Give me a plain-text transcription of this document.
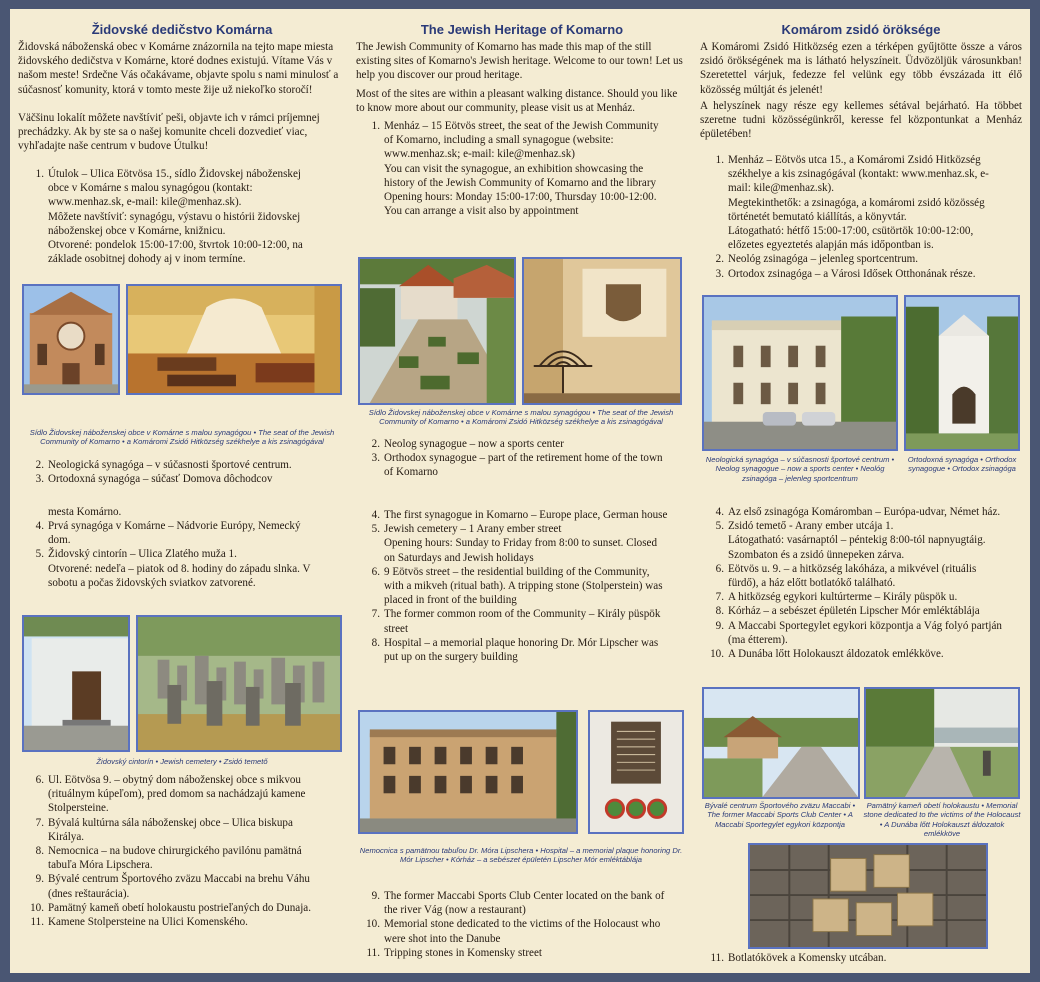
Židovské dedičstvo Komárna

Židovská náboženská obec v Komárne znázornila na tejto mape miesta židovského dedičstva v Komárne, ktoré dodnes existujú. Vítame Vás v našom meste! Srdečne Vás očakávame, objavte spolu s nami minulosť a súčasnosť komunity, ktorá v tomto meste žije už niekoľko storočí!

Väčšinu lokalít môžete navštíviť peši, objavte ich v rámci príjemnej prechádzky. Ak by ste sa o našej komunite chceli dozvedieť viac, vyhľadajte naše centrum v budove Útulku!

1. Útulok – Ulica Eötvösa 15., sídlo Židovskej náboženskej obce v Komárne s malou synagógou (kontakt: www.menhaz.sk, e-mail: kile@menhaz.sk).
Môžete navštíviť: synagógu, výstavu o histórii židovskej náboženskej obce v Komárne, knižnicu.
Otvorené: pondelok 15:00-17:00, štvrtok 10:00-12:00, na základe osobitnej dohody aj v inom termíne.

Sídlo Židovskej náboženskej obce v Komárne s malou synagógou • The seat of the Jewish Community of Komarno • a Komáromi Zsidó Hitközség székhelye a kis zsinagógával

2. Neologická synagóga – v súčasnosti športové centrum.
3. Ortodoxná synagóga – súčasť Domova dôchodcov

mesta Komárno.

4. Prvá synagóga v Komárne – Nádvorie Európy, Nemecký dom.
5. Židovský cintorín – Ulica Zlatého muža 1.
Otvorené: nedeľa – piatok od 8. hodiny do západu slnka. V sobotu a počas židovských sviatkov zatvorené.

Židovský cintorín • Jewish cemetery • Zsidó temető

6. Ul. Eötvösa 9. – obytný dom náboženskej obce s mikvou (rituálnym kúpeľom), pred domom sa nachádzajú kamene Stolpersteine.
7. Bývalá kultúrna sála náboženskej obce – Ulica biskupa Királya.
8. Nemocnica – na budove chirurgického pavilónu pamätná tabuľa Móra Lipschera.
9. Bývalé centrum Športového zväzu Maccabi na brehu Váhu (dnes reštaurácia).
10. Pamätný kameň obetí holokaustu postrieľaných do Dunaja.
11. Kamene Stolpersteine na Ulici Komenského.
The Jewish Heritage of Komarno

The Jewish Community of Komarno has made this map of the still existing sites of Komarno's Jewish heritage. Welcome to our town! Let us help you discover our proud heritage.

Most of the sites are within a pleasant walking distance. Should you like to know more about our community, please visit us at Menház.

1. Menház – 15 Eötvös street, the seat of the Jewish Community of Komarno, including a small synagogue (website: www.menhaz.sk; e-mail: kile@menhaz.sk)
You can visit the synagogue, an exhibition showcasing the history of the Jewish Community of Komarno and the library
Opening hours: Monday 15:00-17:00, Thursday 10:00-12:00.
You can arrange a visit also by appointment

Sídlo Židovskej náboženskej obce v Komárne s malou synagógou • The seat of the Jewish Community of Komarno • a Komáromi Zsidó Hitközség székhelye a kis zsinagógával

2. Neolog synagogue – now a sports center
3. Orthodox synagogue – part of the retirement home of the town of Komarno
4. The first synagogue in Komarno – Europe place, German house
5. Jewish cemetery – 1 Arany ember street
Opening hours: Sunday to Friday from 8:00 to sunset. Closed on Saturdays and Jewish holidays
6. 9 Eötvös street – the residential building of the Community, with a mikveh (ritual bath). A tripping stone (Stolperstein) was placed in front of the building
7. The former common room of the Community – Király püspök street
8. Hospital – a memorial plaque honoring Dr. Mór Lipscher was put up on the surgery building

Nemocnica s pamätnou tabuľou Dr. Móra Lipschera • Hospital – a memorial plaque honoring Dr. Mór Lipscher • Kórház – a sebészet épületén Lipscher Mór emléktáblája

9. The former Maccabi Sports Club Center located on the bank of the river Vág (now a restaurant)
10. Memorial stone dedicated to the victims of the Holocaust who were shot into the Danube
11. Tripping stones in Komensky street
Komárom zsidó öröksége

A Komáromi Zsidó Hitközség ezen a térképen gyűjtötte össze a város zsidó örökségének ma is látható helyszíneit. Üdvözöljük városunkban! Szeretettel várjuk, fedezze fel velünk egy több évszázada itt élő közösség múltját és jelenét!

A helyszínek nagy része egy kellemes sétával bejárható. Ha többet szeretne tudni közösségünkről, keresse fel központunkat a Menház épületében!

1. Menház – Eötvös utca 15., a Komáromi Zsidó Hitközség székhelye a kis zsinagógával (kontakt: www.menhaz.sk, e-mail: kile@menhaz.sk).
Megtekinthetők: a zsinagóga, a komáromi zsidó közösség történetét bemutató kiállítás, a könyvtár.
Látogatható: hétfő 15:00-17:00, csütörtök 10:00-12:00, előzetes egyeztetés alapján más időpontban is.
2. Neológ zsinagóga – jelenleg sportcentrum.
3. Ortodox zsinagóga – a Városi Idősek Otthonának része.

Neologická synagóga – v súčasnosti športové centrum • Neolog synagogue – now a sports center • Neológ zsinagóga – jelenleg sportcentrum

Ortodoxná synagóga • Orthodox synagogue • Ortodox zsinagóga

4. Az első zsinagóga Komáromban – Európa-udvar, Német ház.
5. Zsidó temető - Arany ember utcája 1.
Látogatható: vasárnaptól – péntekig 8:00-tól napnyugtáig. Szombaton és a zsidó ünnepeken zárva.
6. Eötvös u. 9. – a hitközség lakóháza, a mikvével (rituális fürdő), a ház előtt botlatókő található.
7. A hitközség egykori kultúrterme – Király püspök u.
8. Kórház – a sebészet épületén Lipscher Mór emléktáblája
9. A Maccabi Sportegylet egykori központja a Vág folyó partján (ma étterem).
10. A Dunába lőtt Holokauszt áldozatok emlékköve.

Bývalé centrum Športového zväzu Maccabi • The former Maccabi Sports Club Center • A Maccabi Sportegylet egykori központja

Pamätný kameň obetí holokaustu • Memorial stone dedicated to the victims of the Holocaust • A Dunába lőtt Holokauszt áldozatok emlékköve

11. Botlatókövek a Komensky utcában.
